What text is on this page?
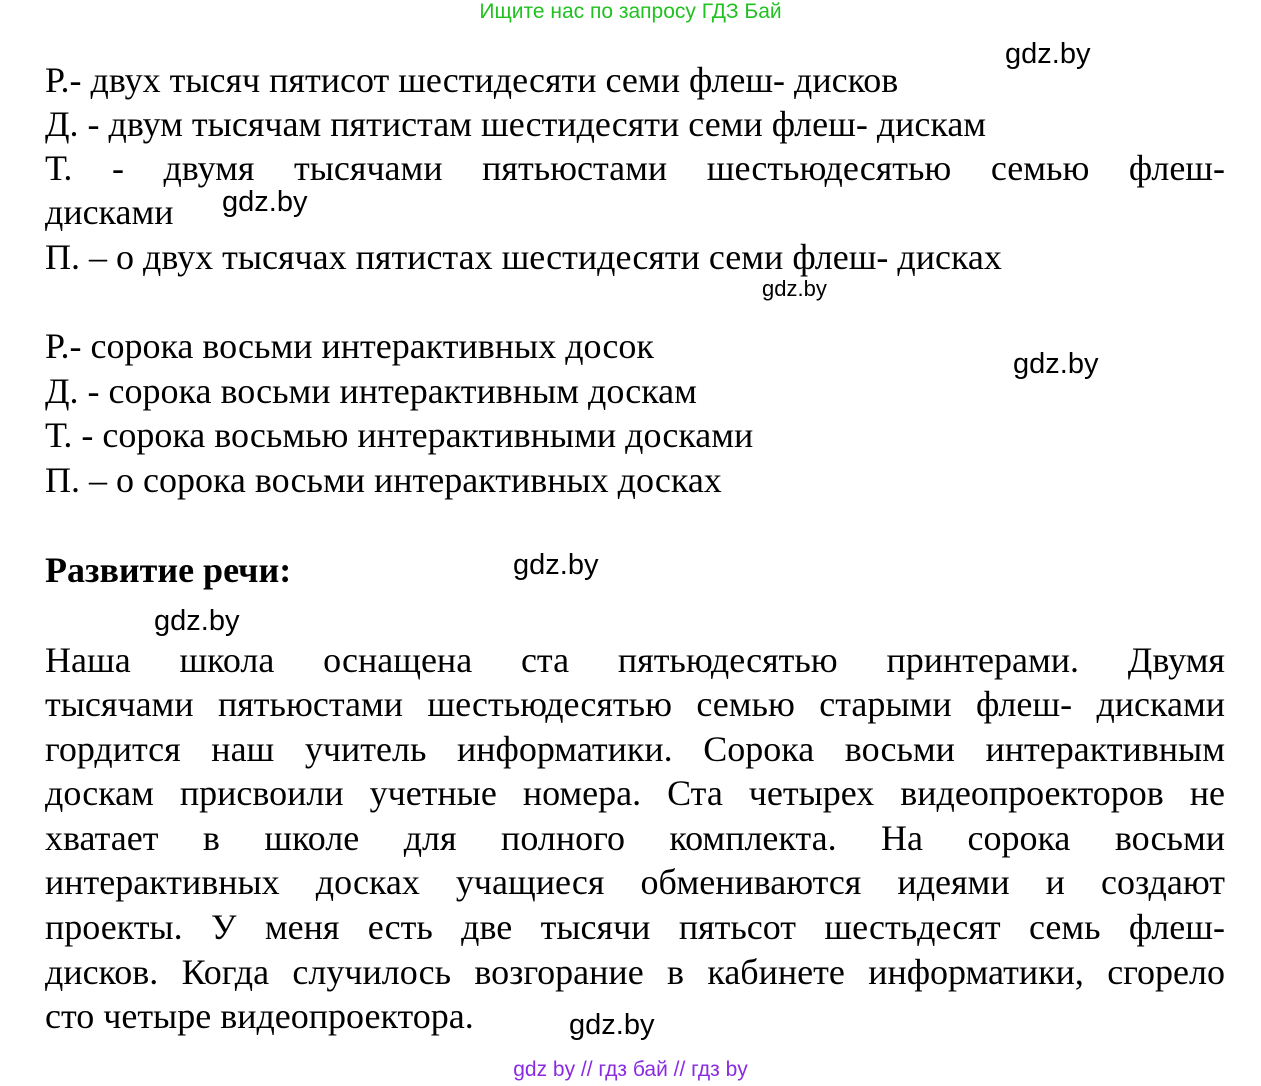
Ищите нас по запросу ГДЗ Бай
Р.- двух тысяч пятисот шестидесяти семи флеш- дисков
Д. - двум тысячам пятистам шестидесяти семи флеш- дискам
Т. - двумя тысячами пятьюстами шестьюдесятью семью флеш-
дисками
П. – о двух тысячах пятистах шестидесяти семи флеш- дисках
Р.- сорока восьми интерактивных досок
Д. - сорока восьми интерактивным доскам
Т. - сорока восьмью интерактивными досками
П. – о сорока восьми интерактивных досках
Развитие речи:
Наша школа оснащена ста пятьюдесятью принтерами. Двумя
тысячами пятьюстами шестьюдесятью семью старыми флеш- дисками
гордится наш учитель информатики. Сорока восьми интерактивным
доскам присвоили учетные номера. Ста четырех видеопроекторов не
хватает в школе для полного комплекта. На сорока восьми
интерактивных досках учащиеся обмениваются идеями и создают
проекты. У меня есть две тысячи пятьсот шестьдесят семь флеш-
дисков. Когда случилось возгорание в кабинете информатики, сгорело
сто четыре видеопроектора.
gdz.by
gdz.by
gdz.by
gdz.by
gdz.by
gdz.by
gdz.by
gdz by // гдз бай // гдз by
